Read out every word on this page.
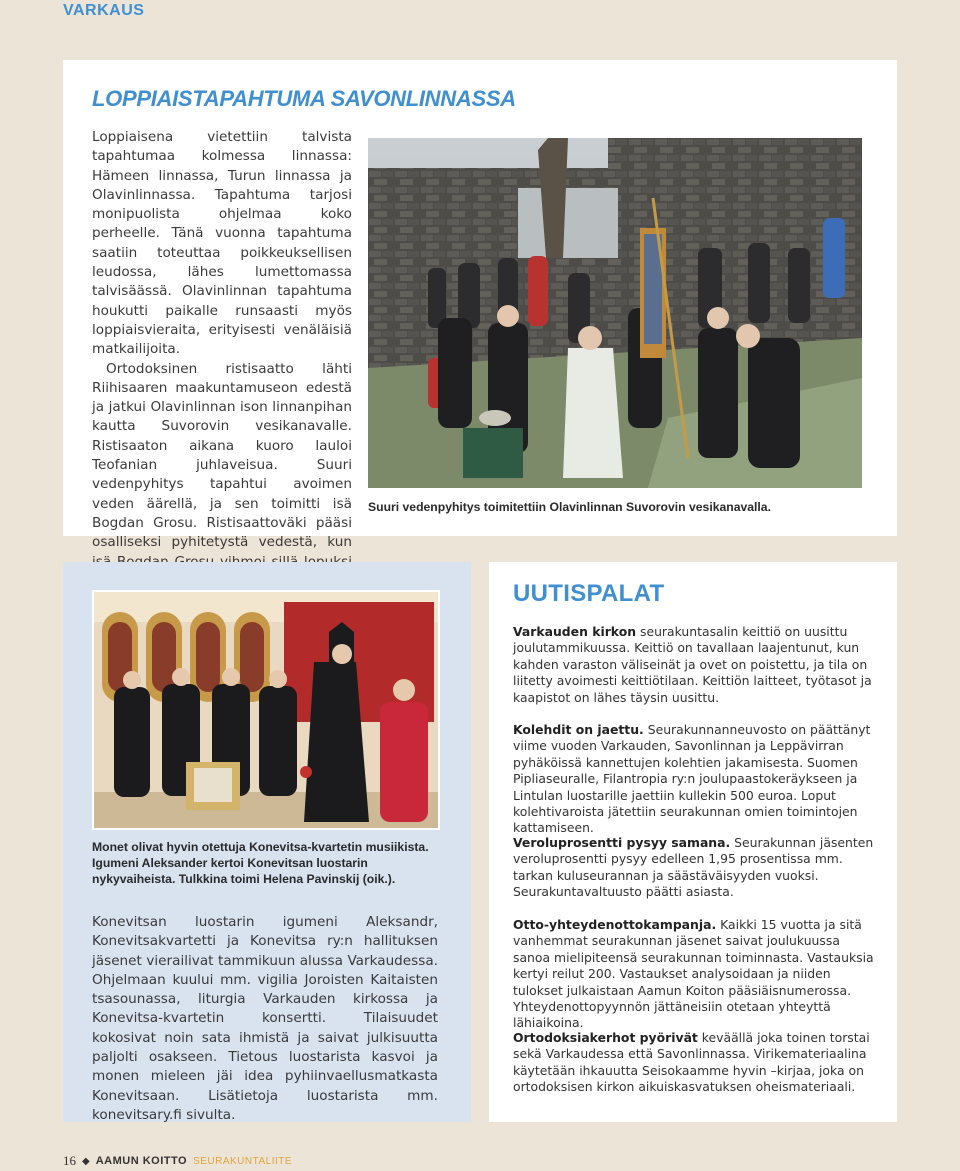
VARKAUS
LOPPIAISTAPAHTUMA SAVONLINNASSA

Loppiaisena vietettiin talvista tapahtumaa kolmessa linnassa: Hämeen linnassa, Turun linnassa ja Olavinlinnassa. Tapahtuma tarjosi monipuolista ohjelmaa koko perheelle. Tänä vuonna tapahtuma saatiin toteuttaa poikkeuksellisen leudossa, lähes lumettomassa talvisäässä. Olavinlinnan tapahtuma houkutti paikalle runsaasti myös loppiaisvieraita, erityisesti venäläisiä matkailijoita.

Ortodoksinen ristisaatto lähti Riihisaaren maakuntamuseon edestä ja jatkui Olavinlinnan ison linnanpihan kautta Suvorovin vesikanavalle. Ristisaaton aikana kuoro lauloi Teofanian juhlaveisua. Suuri vedenpyhitys tapahtui avoimen veden äärellä, ja sen toimitti isä Bogdan Grosu. Ristisaattoväki pääsi osalliseksi pyhitetystä vedestä, kun

Suuri vedenpyhitys toimitettiin Olavinlinnan Suvorovin vesikanavalla.
Monet olivat hyvin otettuja Konevitsa-kvartetin musiikista. Igumeni Aleksander kertoi Konevitsan luostarin nykyvaiheista. Tulkkina toimi Helena Pavinskij (oik.).
Konevitsan luostarin igumeni Aleksandr, Konevitsakvartetti ja Konevitsa ry:n hallituksen jäsenet vierailivat tammikuun alussa Varkaudessa. Ohjelmaan kuului mm. vigilia Joroisten Kaitaisten tsasounassa, liturgia Varkauden kirkossa ja Konevitsa-kvartetin konsertti. Tilaisuudet kokosivat noin sata ihmistä ja saivat julkisuutta paljolti osakseen. Tietous luostarista kasvoi ja monen mieleen jäi idea pyhiinvaellusmatkasta Konevitsaan. Lisätietoja luostarista mm. konevitsary.fi sivulta.
UUTISPALAT

Varkauden kirkon seurakuntasalin keittiö on uusittu joulutammikuussa. Keittiö on tavallaan laajentunut, kun kahden varaston väliseinät ja ovet on poistettu, ja tila on liitetty avoimesti keittiötilaan. Keittiön laitteet, työtasot ja kaapistot on lähes täysin uusittu.

Kolehdit on jaettu. Seurakunnanneuvosto on päättänyt viime vuoden Varkauden, Savonlinnan ja Leppävirran pyhäköissä kannettujen kolehtien jakamisesta. Suomen Pipliaseuralle, Filantropia ry:n joulupaastokeräykseen ja Lintulan luostarille jaettiin kullekin 500 euroa. Loput kolehtivaroista jätettiin seurakunnan omien toimintojen kattamiseen.

Veroluprosentti pysyy samana. Seurakunnan jäsenten veroluprosentti pysyy edelleen 1,95 prosentissa mm. tarkan kuluseurannan ja säästäväisyyden vuoksi. Seurakuntavaltuusto päätti asiasta.

Otto-yhteydenottokampanja. Kaikki 15 vuotta ja sitä vanhemmat seurakunnan jäsenet saivat joulukuussa sanoa mielipiteensä seurakunnan toiminnasta. Vastauksia kertyi reilut 200. Vastaukset analysoidaan ja niiden tulokset julkaistaan Aamun Koiton pääsiäisnumerossa. Yhteydenottopyynnön jättäneisiin otetaan yhteyttä lähiaikoina.

Ortodoksiakerhot pyörivät keväällä joka toinen torstai sekä Varkaudessa että Savonlinnassa. Virikemateriaalina käytetään ihkauutta Seisokaamme hyvin –kirjaa, joka on ortodoksisen kirkon aikuiskasvatuksen oheismateriaali.

16 ◆ AAMUN KOITTO SEURAKUNTALIITE
